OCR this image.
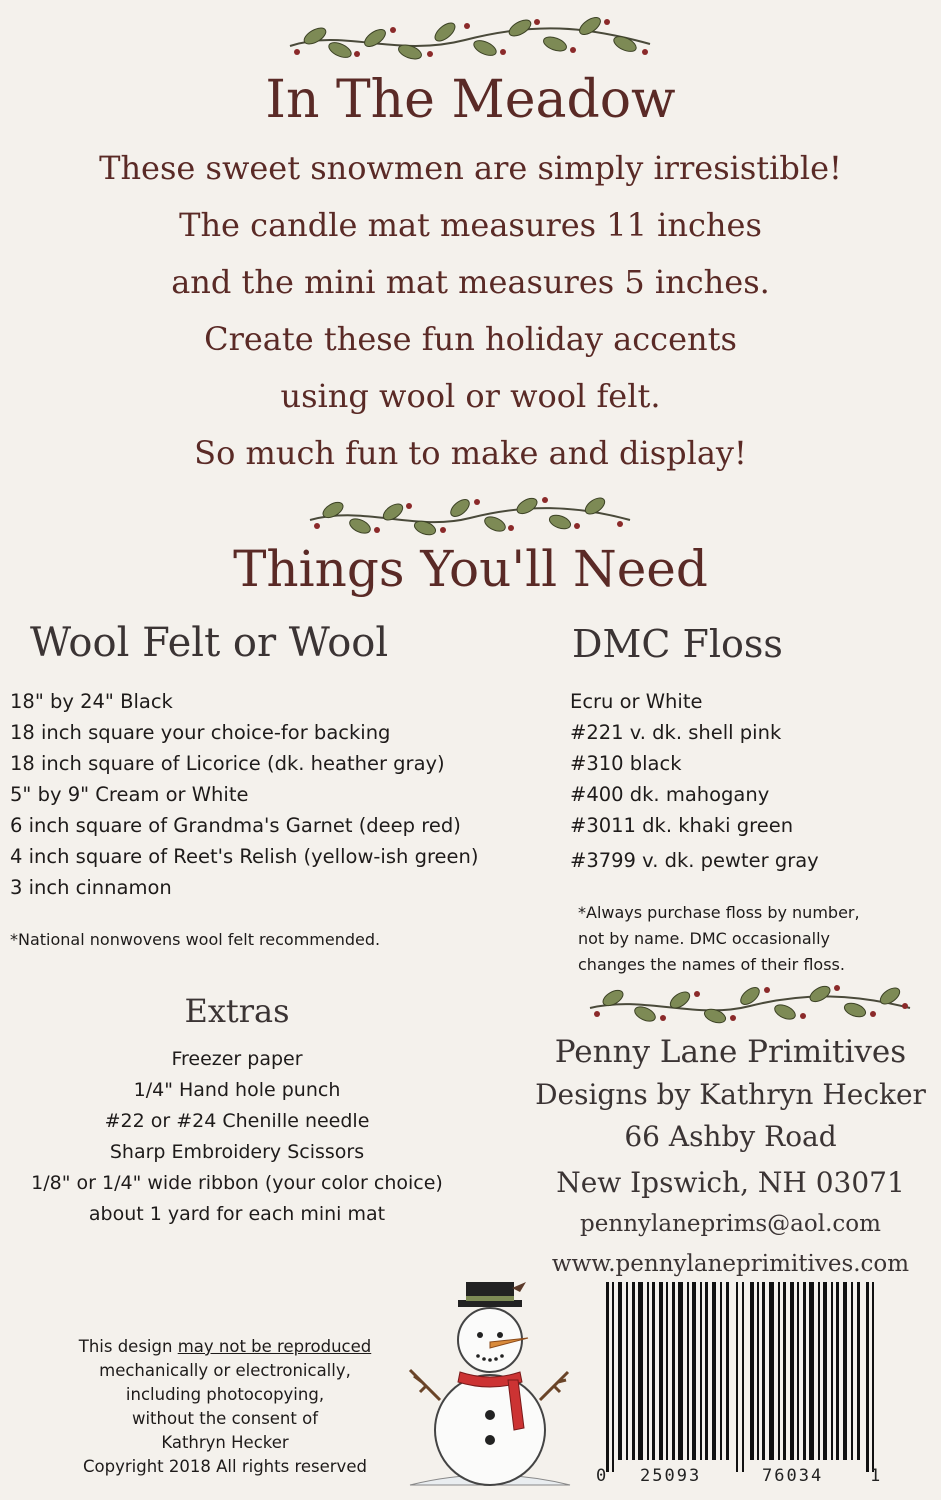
In The Meadow
These sweet snowmen are simply irresistible!
The candle mat measures 11 inches
and the mini mat measures 5 inches.
Create these fun holiday accents
using wool or wool felt.
So much fun to make and display!
Things You'll Need
Wool Felt or Wool	DMC Floss
18" by 24" Black
18 inch square your choice-for backing
18 inch square of Licorice (dk. heather gray)
5" by 9" Cream or White
6 inch square of Grandma's Garnet (deep red)
4 inch square of Reet's Relish (yellow-ish green)
3 inch cinnamon
Ecru or White
#221 v. dk. shell pink
#310 black
#400 dk. mahogany
#3011 dk. khaki green
#3799 v. dk. pewter gray
*National nonwovens wool felt recommended.
*Always purchase floss by number,
not by name. DMC occasionally
changes the names of their floss.
Extras
Freezer paper
1/4" Hand hole punch
#22 or #24 Chenille needle
Sharp Embroidery Scissors
1/8" or 1/4" wide ribbon (your color choice)
about 1 yard for each mini mat
Penny Lane Primitives
Designs by Kathryn Hecker
66 Ashby Road
New Ipswich, NH 03071
pennylaneprims@aol.com
www.pennylaneprimitives.com
This design may not be reproduced
mechanically or electronically,
including photocopying,
without the consent of
Kathryn Hecker
Copyright 2018 All rights reserved	0 25093	76034	1
